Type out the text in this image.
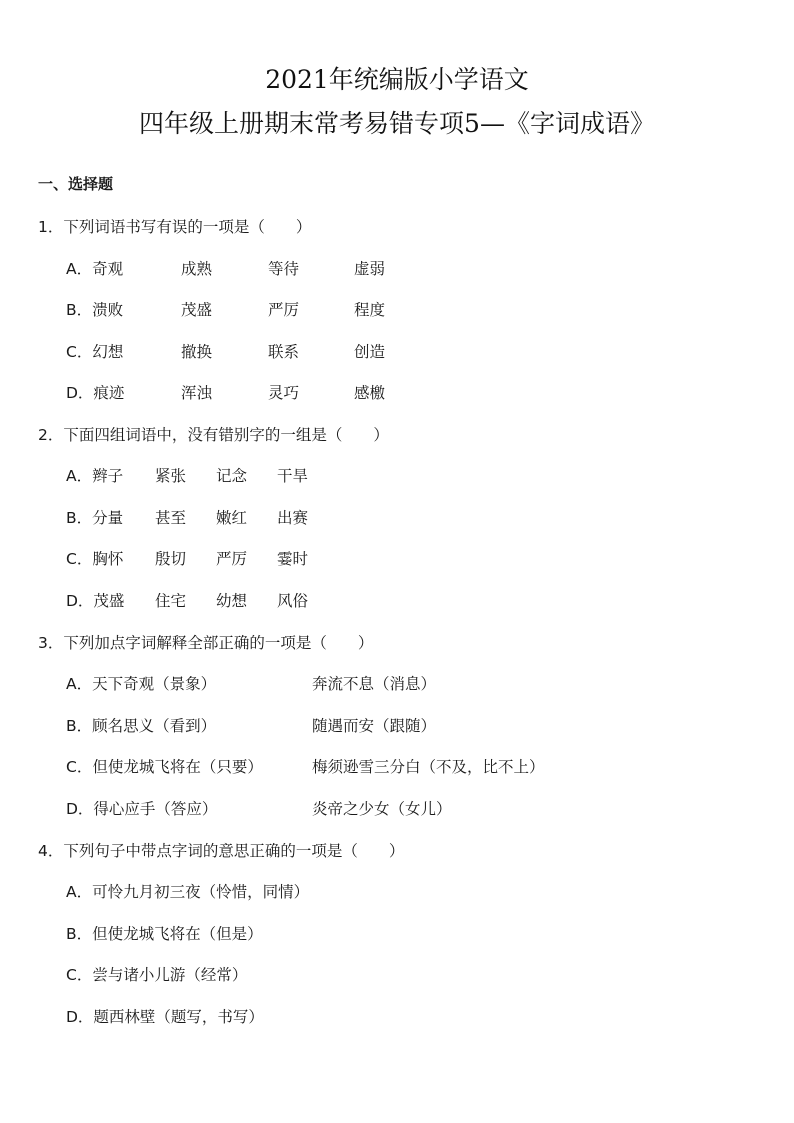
2021年统编版小学语文
四年级上册期末常考易错专项5—《字词成语》
一、选择题
1．下列词语书写有误的一项是（　　）
A．奇观	成熟	等待	虚弱
B．溃败	茂盛	严厉	程度
C．幻想	撤换	联系	创造
D．痕迹	浑浊	灵巧	感檄
2．下面四组词语中，没有错别字的一组是（　　）
A．辫子 紧张 记念 干旱
B．分量 甚至 嫩红 出赛
C．胸怀 殷切 严厉 霎时
D．茂盛 住宅 幼想 风俗
3．下列加点字词解释全部正确的一项是（　　）
A．天下奇观（景象）	奔流不息（消息）
B．顾名思义（看到）	随遇而安（跟随）
C．但使龙城飞将在（只要）	梅须逊雪三分白（不及，比不上）
D．得心应手（答应）	炎帝之少女（女儿）
4．下列句子中带点字词的意思正确的一项是（　　）
A．可怜九月初三夜（怜惜，同情）
B．但使龙城飞将在（但是）
C．尝与诸小儿游（经常）
D．题西林壁（题写，书写）
